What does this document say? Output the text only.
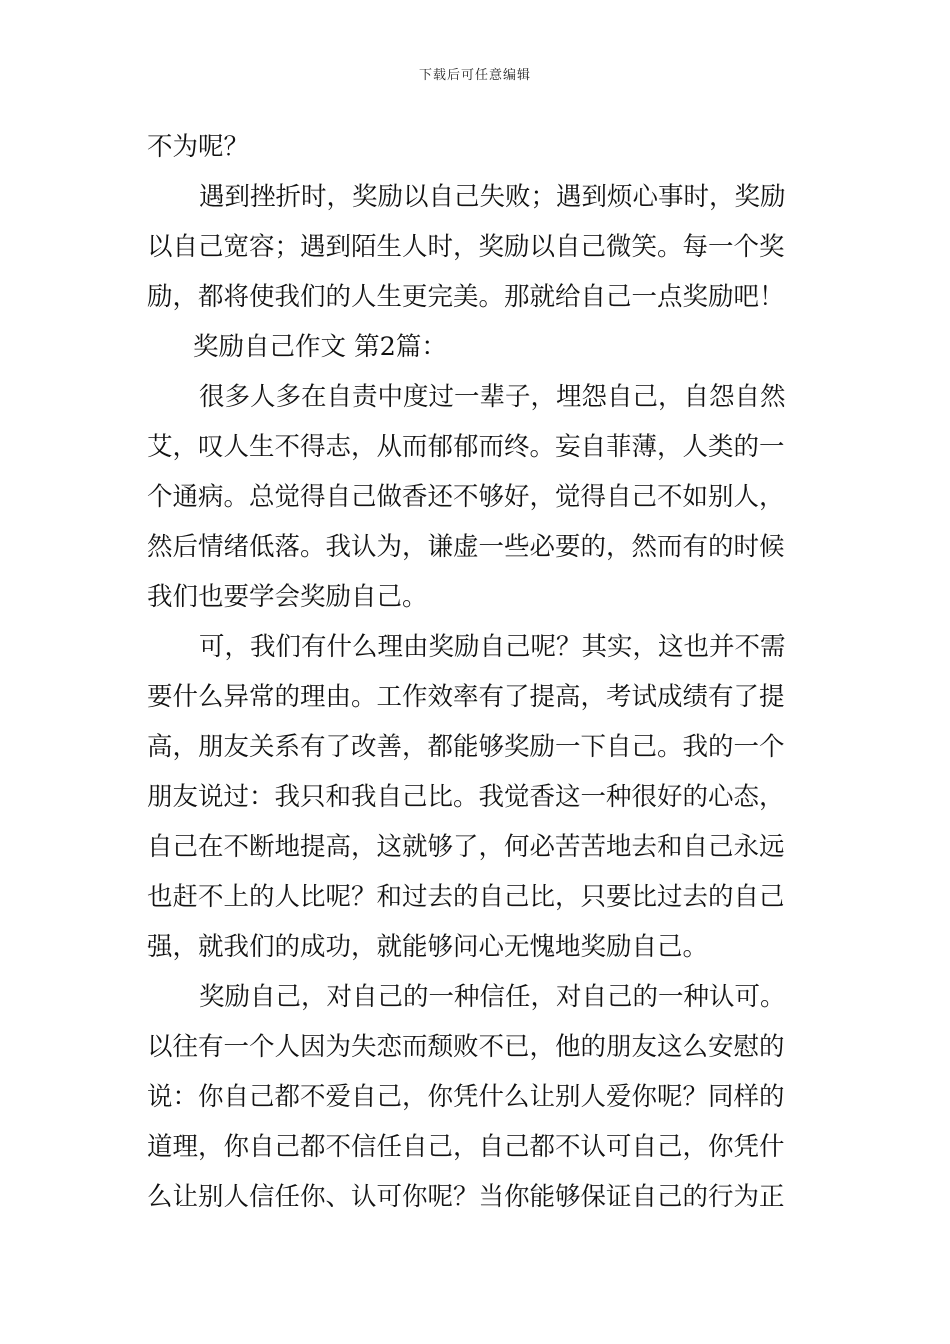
下载后可任意编辑
不为呢？
遇到挫折时，奖励以自己失败；遇到烦心事时，奖励
以自己宽容；遇到陌生人时，奖励以自己微笑。每一个奖
励，都将使我们的人生更完美。那就给自己一点奖励吧！
奖励自己作文 第2篇：
很多人多在自责中度过一辈子，埋怨自己，自怨自然
艾，叹人生不得志，从而郁郁而终。妄自菲薄，人类的一
个通病。总觉得自己做香还不够好，觉得自己不如别人，
然后情绪低落。我认为，谦虚一些必要的，然而有的时候
我们也要学会奖励自己。
可，我们有什么理由奖励自己呢？其实，这也并不需
要什么异常的理由。工作效率有了提高，考试成绩有了提
高，朋友关系有了改善，都能够奖励一下自己。我的一个
朋友说过：我只和我自己比。我觉香这一种很好的心态，
自己在不断地提高，这就够了，何必苦苦地去和自己永远
也赶不上的人比呢？和过去的自己比，只要比过去的自己
强，就我们的成功，就能够问心无愧地奖励自己。
奖励自己，对自己的一种信任，对自己的一种认可。
以往有一个人因为失恋而颓败不已，他的朋友这么安慰的
说：你自己都不爱自己，你凭什么让别人爱你呢？同样的
道理，你自己都不信任自己，自己都不认可自己，你凭什
么让别人信任你、认可你呢？当你能够保证自己的行为正
